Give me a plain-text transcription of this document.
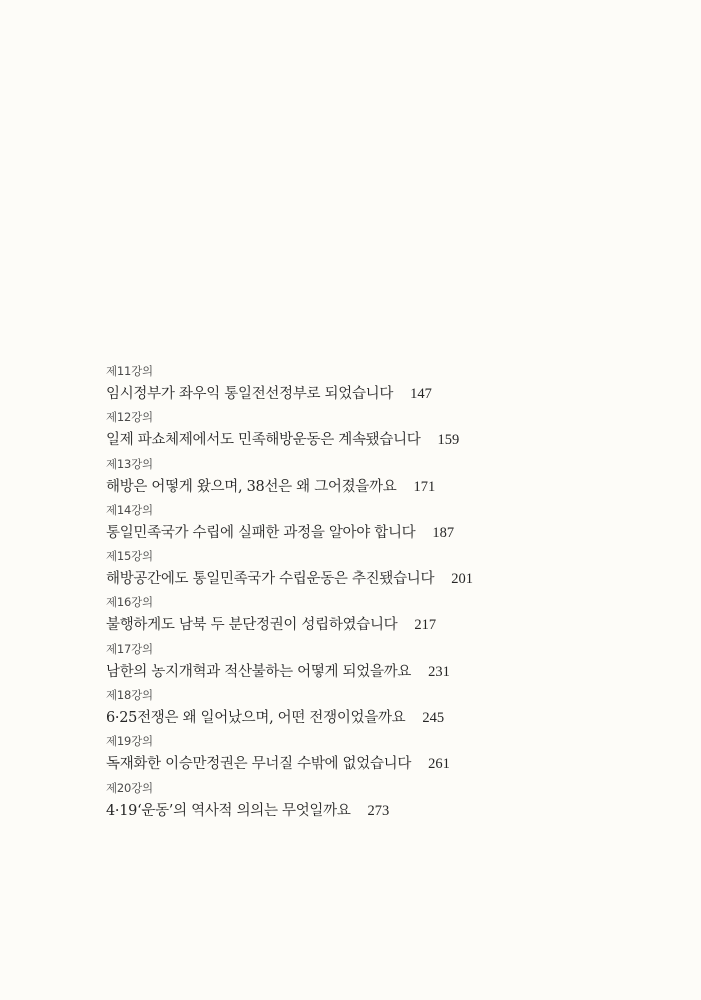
제11강의
임시정부가 좌우익 통일전선정부로 되었습니다 147
제12강의
일제 파쇼체제에서도 민족해방운동은 계속됐습니다 159
제13강의
해방은 어떻게 왔으며, 38선은 왜 그어졌을까요 171
제14강의
통일민족국가 수립에 실패한 과정을 알아야 합니다 187
제15강의
해방공간에도 통일민족국가 수립운동은 추진됐습니다 201
제16강의
불행하게도 남북 두 분단정권이 성립하였습니다 217
제17강의
남한의 농지개혁과 적산불하는 어떻게 되었을까요 231
제18강의
6·25전쟁은 왜 일어났으며, 어떤 전쟁이었을까요 245
제19강의
독재화한 이승만정권은 무너질 수밖에 없었습니다 261
제20강의
4·19‘운동’의 역사적 의의는 무엇일까요 273
